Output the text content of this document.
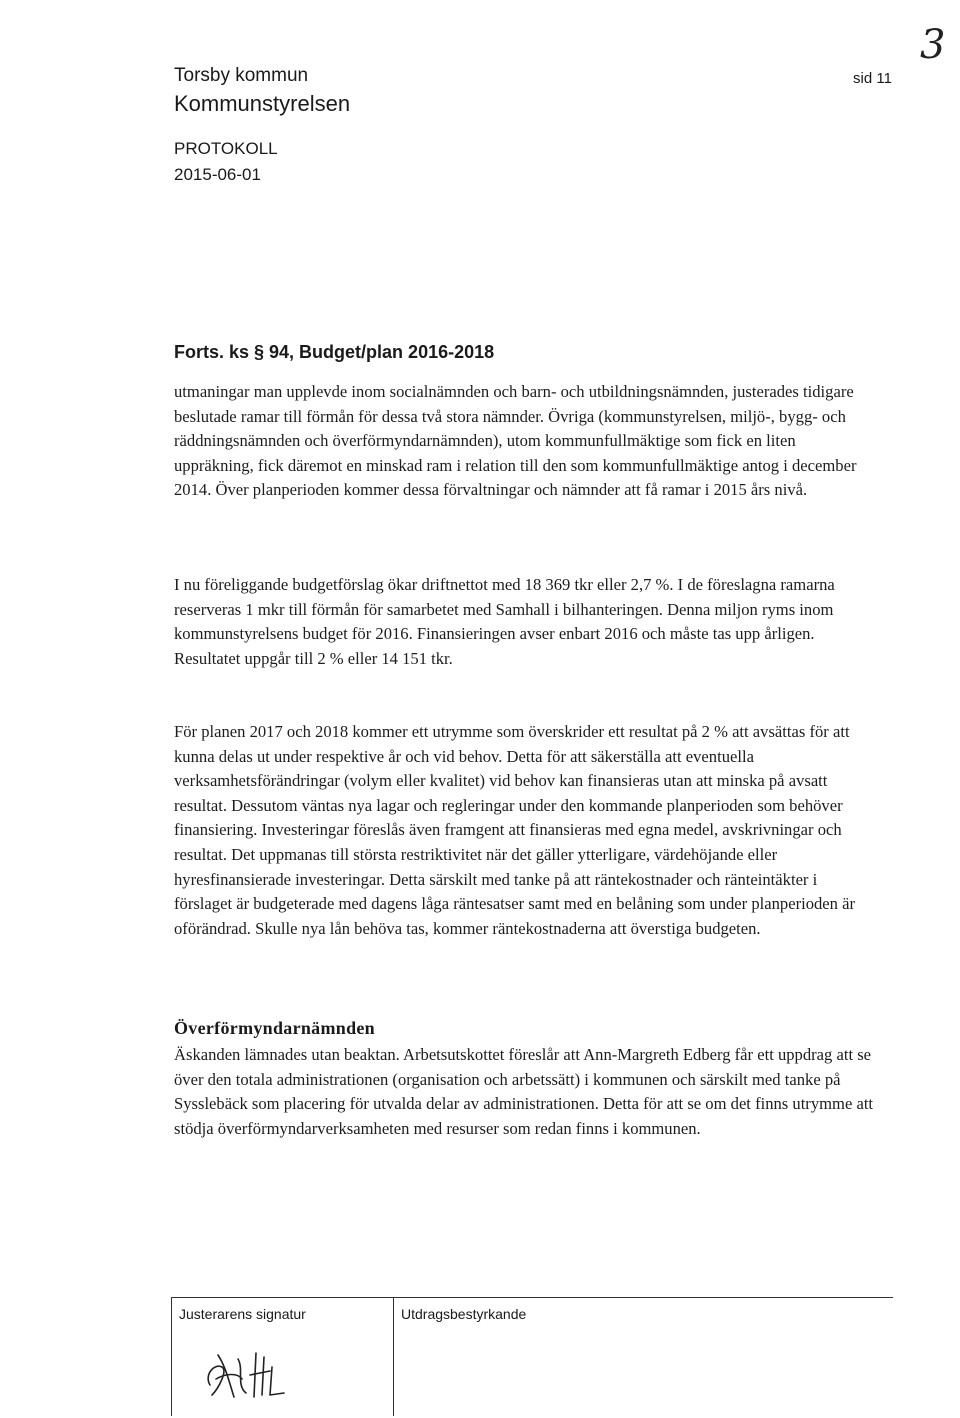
Torsby kommun
Kommunstyrelsen
PROTOKOLL
2015-06-01
sid 11
3
Forts. ks § 94, Budget/plan 2016-2018

utmaningar man upplevde inom socialnämnden och barn- och utbildningsnämnden, justerades tidigare beslutade ramar till förmån för dessa två stora nämnder. Övriga (kommunstyrelsen, miljö-, bygg- och räddningsnämnden och överförmyndarnämnden), utom kommunfullmäktige som fick en liten uppräkning, fick däremot en minskad ram i relation till den som kommunfullmäktige antog i december 2014. Över planperioden kommer dessa förvaltningar och nämnder att få ramar i 2015 års nivå.

I nu föreliggande budgetförslag ökar driftnettot med 18 369 tkr eller 2,7 %. I de föreslagna ramarna reserveras 1 mkr till förmån för samarbetet med Samhall i bilhanteringen. Denna miljon ryms inom kommunstyrelsens budget för 2016. Finansieringen avser enbart 2016 och måste tas upp årligen. Resultatet uppgår till 2 % eller 14 151 tkr.

För planen 2017 och 2018 kommer ett utrymme som överskrider ett resultat på 2 % att avsättas för att kunna delas ut under respektive år och vid behov. Detta för att säkerställa att eventuella verksamhetsförändringar (volym eller kvalitet) vid behov kan finansieras utan att minska på avsatt resultat. Dessutom väntas nya lagar och regleringar under den kommande planperioden som behöver finansiering. Investeringar föreslås även framgent att finansieras med egna medel, avskrivningar och resultat. Det uppmanas till största restriktivitet när det gäller ytterligare, värdehöjande eller hyresfinansierade investeringar. Detta särskilt med tanke på att räntekostnader och ränteintäkter i förslaget är budgeterade med dagens låga räntesatser samt med en belåning som under planperioden är oförändrad. Skulle nya lån behöva tas, kommer räntekostnaderna att överstiga budgeten.

Överförmyndarnämnden

Äskanden lämnades utan beaktan. Arbetsutskottet föreslår att Ann-Margreth Edberg får ett uppdrag att se över den totala administrationen (organisation och arbetssätt) i kommunen och särskilt med tanke på Sysslebäck som placering för utvalda delar av administrationen. Detta för att se om det finns utrymme att stödja överförmyndarverksamheten med resurser som redan finns i kommunen.

Justerarens signatur	Utdragsbestyrkande
